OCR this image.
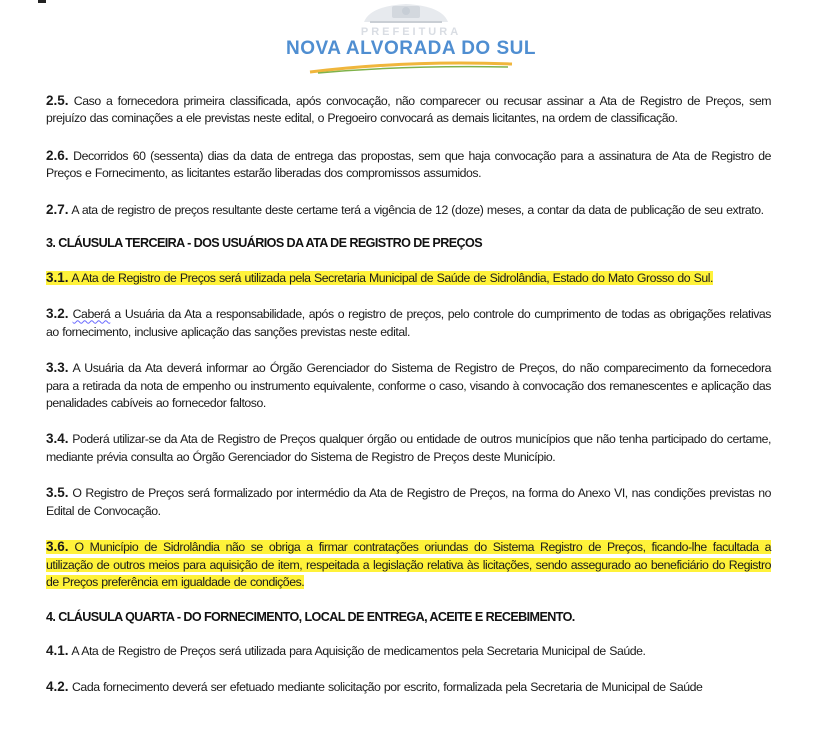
PREFEITURA
NOVA ALVORADA DO SUL

2.5. Caso a fornecedora primeira classificada, após convocação, não comparecer ou recusar assinar a Ata de Registro de Preços, sem prejuízo das cominações a ele previstas neste edital, o Pregoeiro convocará as demais licitantes, na ordem de classificação.

2.6. Decorridos 60 (sessenta) dias da data de entrega das propostas, sem que haja convocação para a assinatura de Ata de Registro de Preços e Fornecimento, as licitantes estarão liberadas dos compromissos assumidos.

2.7. A ata de registro de preços resultante deste certame terá a vigência de 12 (doze) meses, a contar da data de publicação de seu extrato.

3. CLÁUSULA TERCEIRA - DOS USUÁRIOS DA ATA DE REGISTRO DE PREÇOS

3.1. A Ata de Registro de Preços será utilizada pela Secretaria Municipal de Saúde de Sidrolândia, Estado do Mato Grosso do Sul.

3.2. Caberá a Usuária da Ata a responsabilidade, após o registro de preços, pelo controle do cumprimento de todas as obrigações relativas ao fornecimento, inclusive aplicação das sanções previstas neste edital.

3.3. A Usuária da Ata deverá informar ao Órgão Gerenciador do Sistema de Registro de Preços, do não comparecimento da fornecedora para a retirada da nota de empenho ou instrumento equivalente, conforme o caso, visando à convocação dos remanescentes e aplicação das penalidades cabíveis ao fornecedor faltoso.

3.4. Poderá utilizar-se da Ata de Registro de Preços qualquer órgão ou entidade de outros municípios que não tenha participado do certame, mediante prévia consulta ao Órgão Gerenciador do Sistema de Registro de Preços deste Município.

3.5. O Registro de Preços será formalizado por intermédio da Ata de Registro de Preços, na forma do Anexo VI, nas condições previstas no Edital de Convocação.

3.6. O Município de Sidrolândia não se obriga a firmar contratações oriundas do Sistema Registro de Preços, ficando-lhe facultada a utilização de outros meios para aquisição de item, respeitada a legislação relativa às licitações, sendo assegurado ao beneficiário do Registro de Preços preferência em igualdade de condições.

4. CLÁUSULA QUARTA - DO FORNECIMENTO, LOCAL DE ENTREGA, ACEITE E RECEBIMENTO.

4.1. A Ata de Registro de Preços será utilizada para Aquisição de medicamentos pela Secretaria Municipal de Saúde.

4.2. Cada fornecimento deverá ser efetuado mediante solicitação por escrito, formalizada pela Secretaria de Municipal de Saúde
